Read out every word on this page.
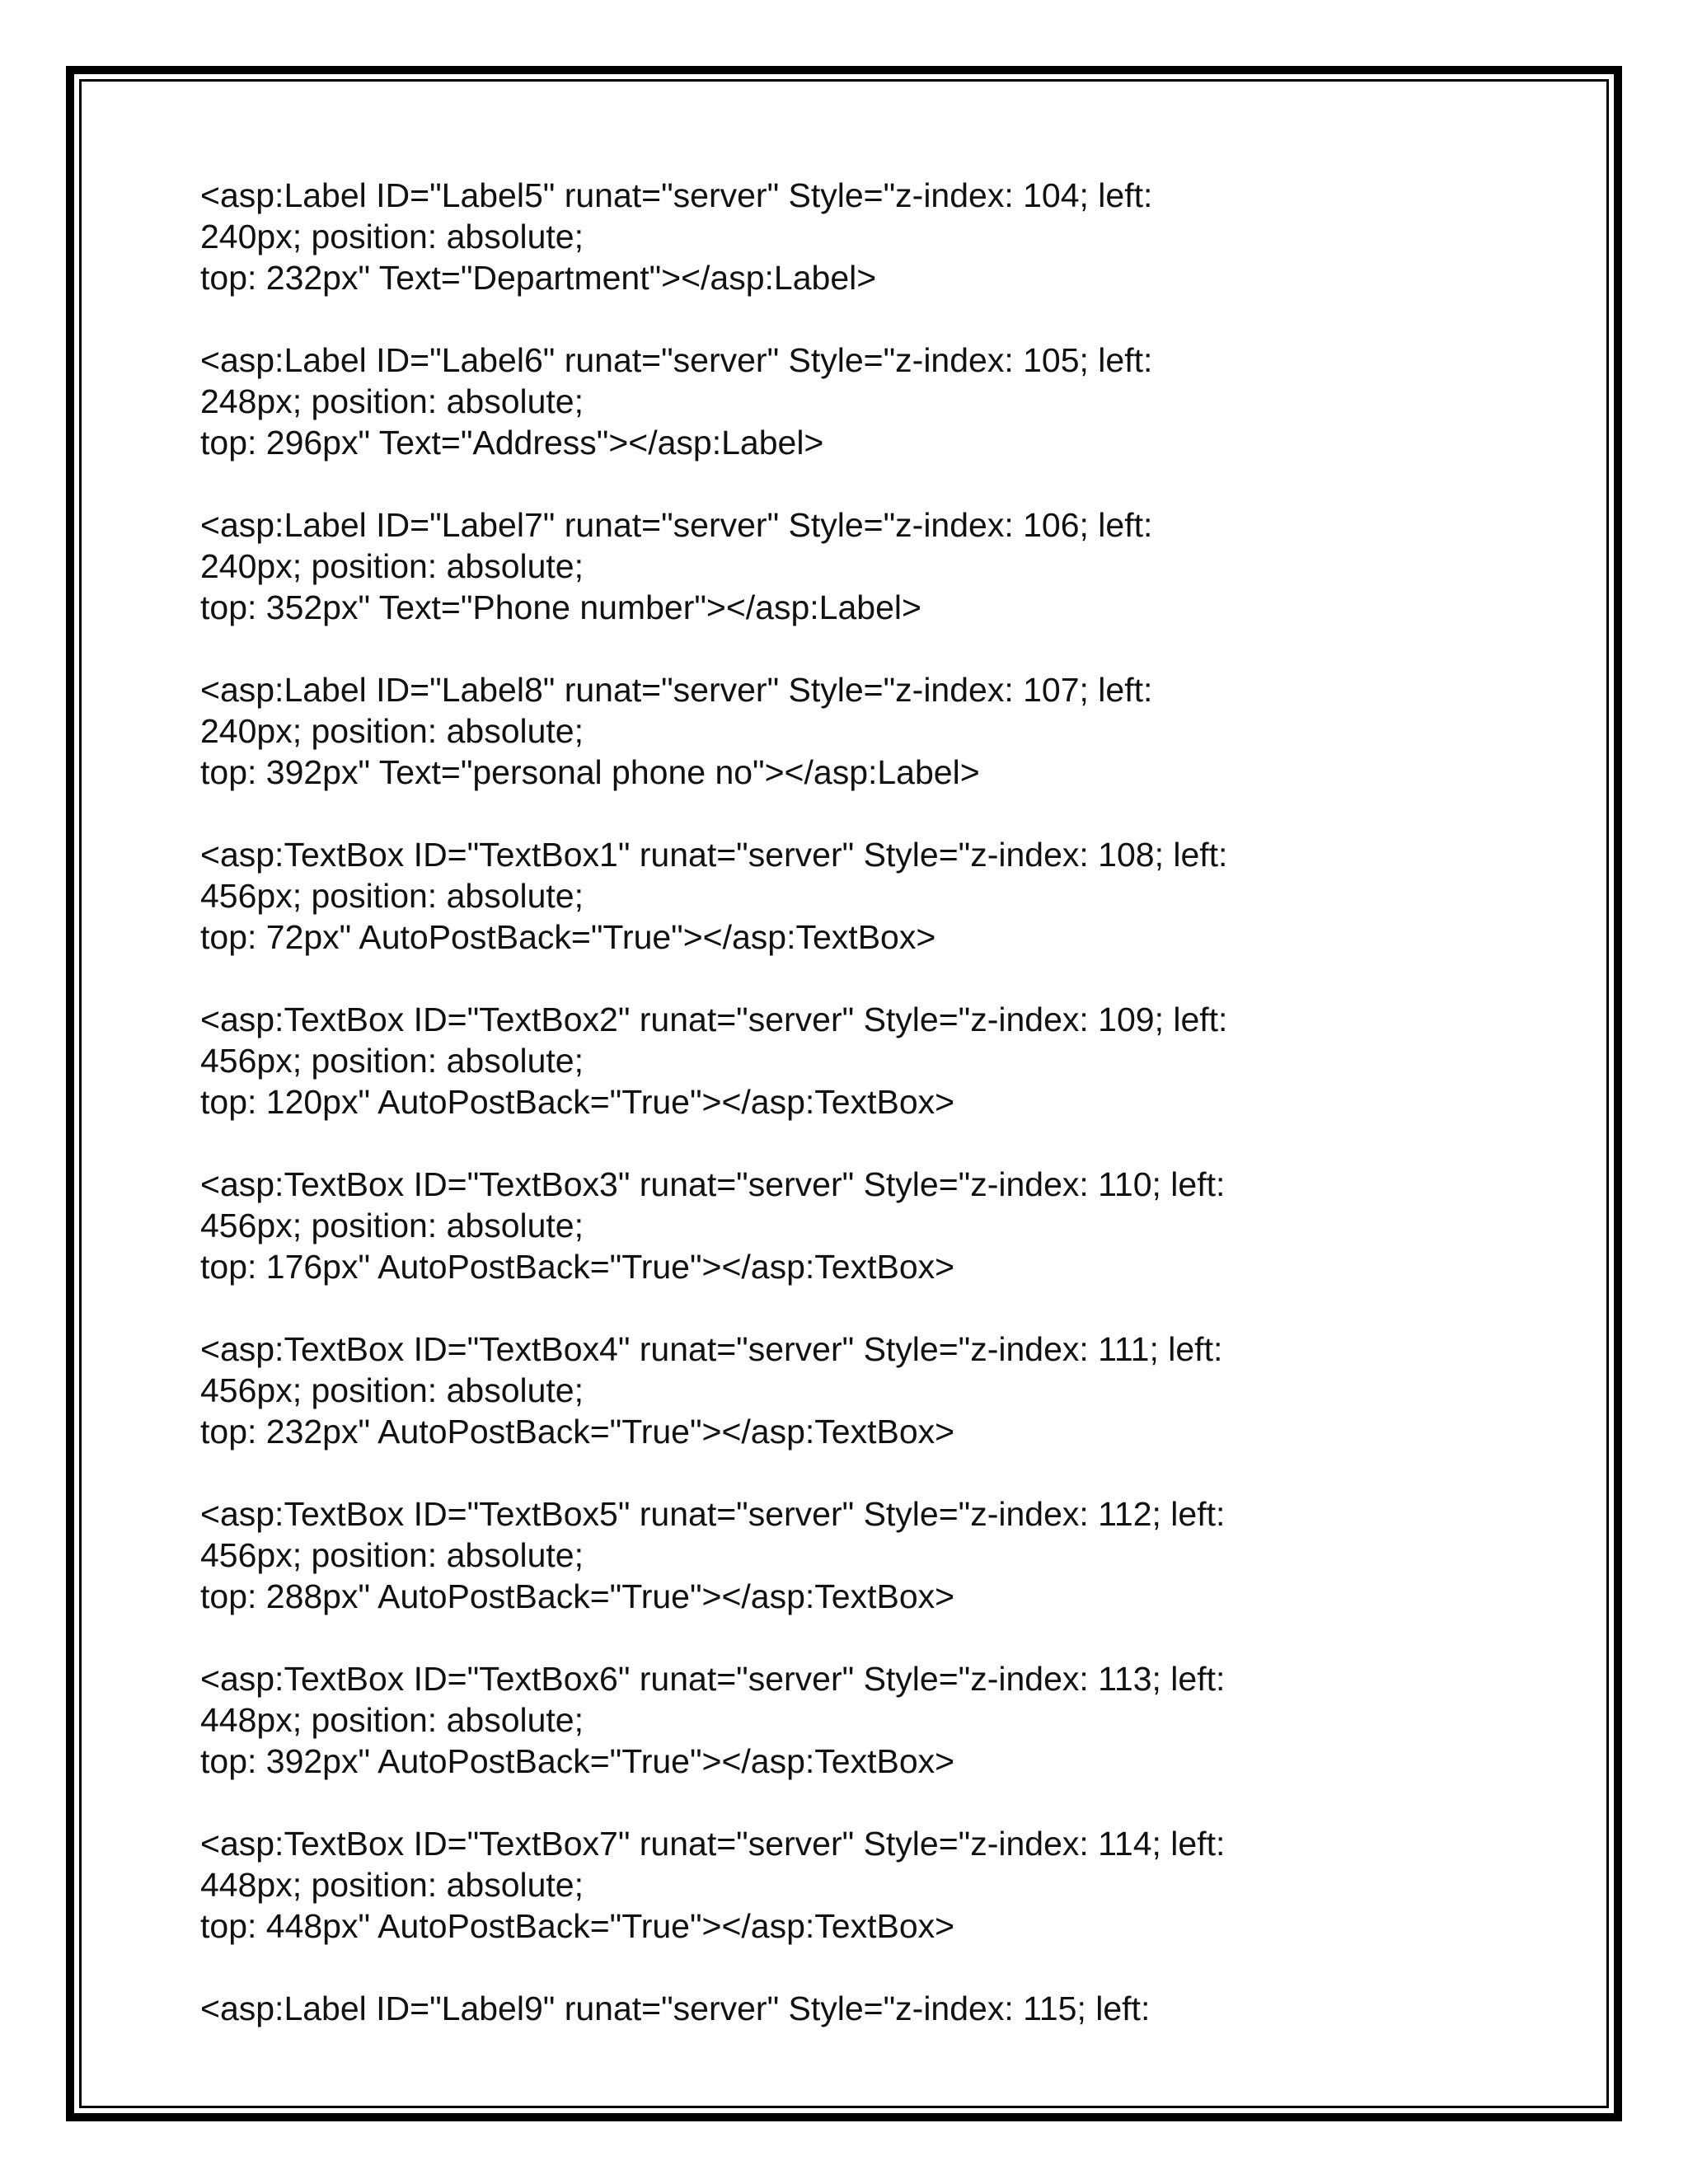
<asp:Label ID="Label5" runat="server" Style="z-index: 104; left:
240px; position: absolute;
top: 232px" Text="Department"></asp:Label>
<asp:Label ID="Label6" runat="server" Style="z-index: 105; left:
248px; position: absolute;
top: 296px" Text="Address"></asp:Label>
<asp:Label ID="Label7" runat="server" Style="z-index: 106; left:
240px; position: absolute;
top: 352px" Text="Phone number"></asp:Label>
<asp:Label ID="Label8" runat="server" Style="z-index: 107; left:
240px; position: absolute;
top: 392px" Text="personal phone no"></asp:Label>
<asp:TextBox ID="TextBox1" runat="server" Style="z-index: 108; left:
456px; position: absolute;
top: 72px" AutoPostBack="True"></asp:TextBox>
<asp:TextBox ID="TextBox2" runat="server" Style="z-index: 109; left:
456px; position: absolute;
top: 120px" AutoPostBack="True"></asp:TextBox>
<asp:TextBox ID="TextBox3" runat="server" Style="z-index: 110; left:
456px; position: absolute;
top: 176px" AutoPostBack="True"></asp:TextBox>
<asp:TextBox ID="TextBox4" runat="server" Style="z-index: 111; left:
456px; position: absolute;
top: 232px" AutoPostBack="True"></asp:TextBox>
<asp:TextBox ID="TextBox5" runat="server" Style="z-index: 112; left:
456px; position: absolute;
top: 288px" AutoPostBack="True"></asp:TextBox>
<asp:TextBox ID="TextBox6" runat="server" Style="z-index: 113; left:
448px; position: absolute;
top: 392px" AutoPostBack="True"></asp:TextBox>
<asp:TextBox ID="TextBox7" runat="server" Style="z-index: 114; left:
448px; position: absolute;
top: 448px" AutoPostBack="True"></asp:TextBox>
<asp:Label ID="Label9" runat="server" Style="z-index: 115; left:
